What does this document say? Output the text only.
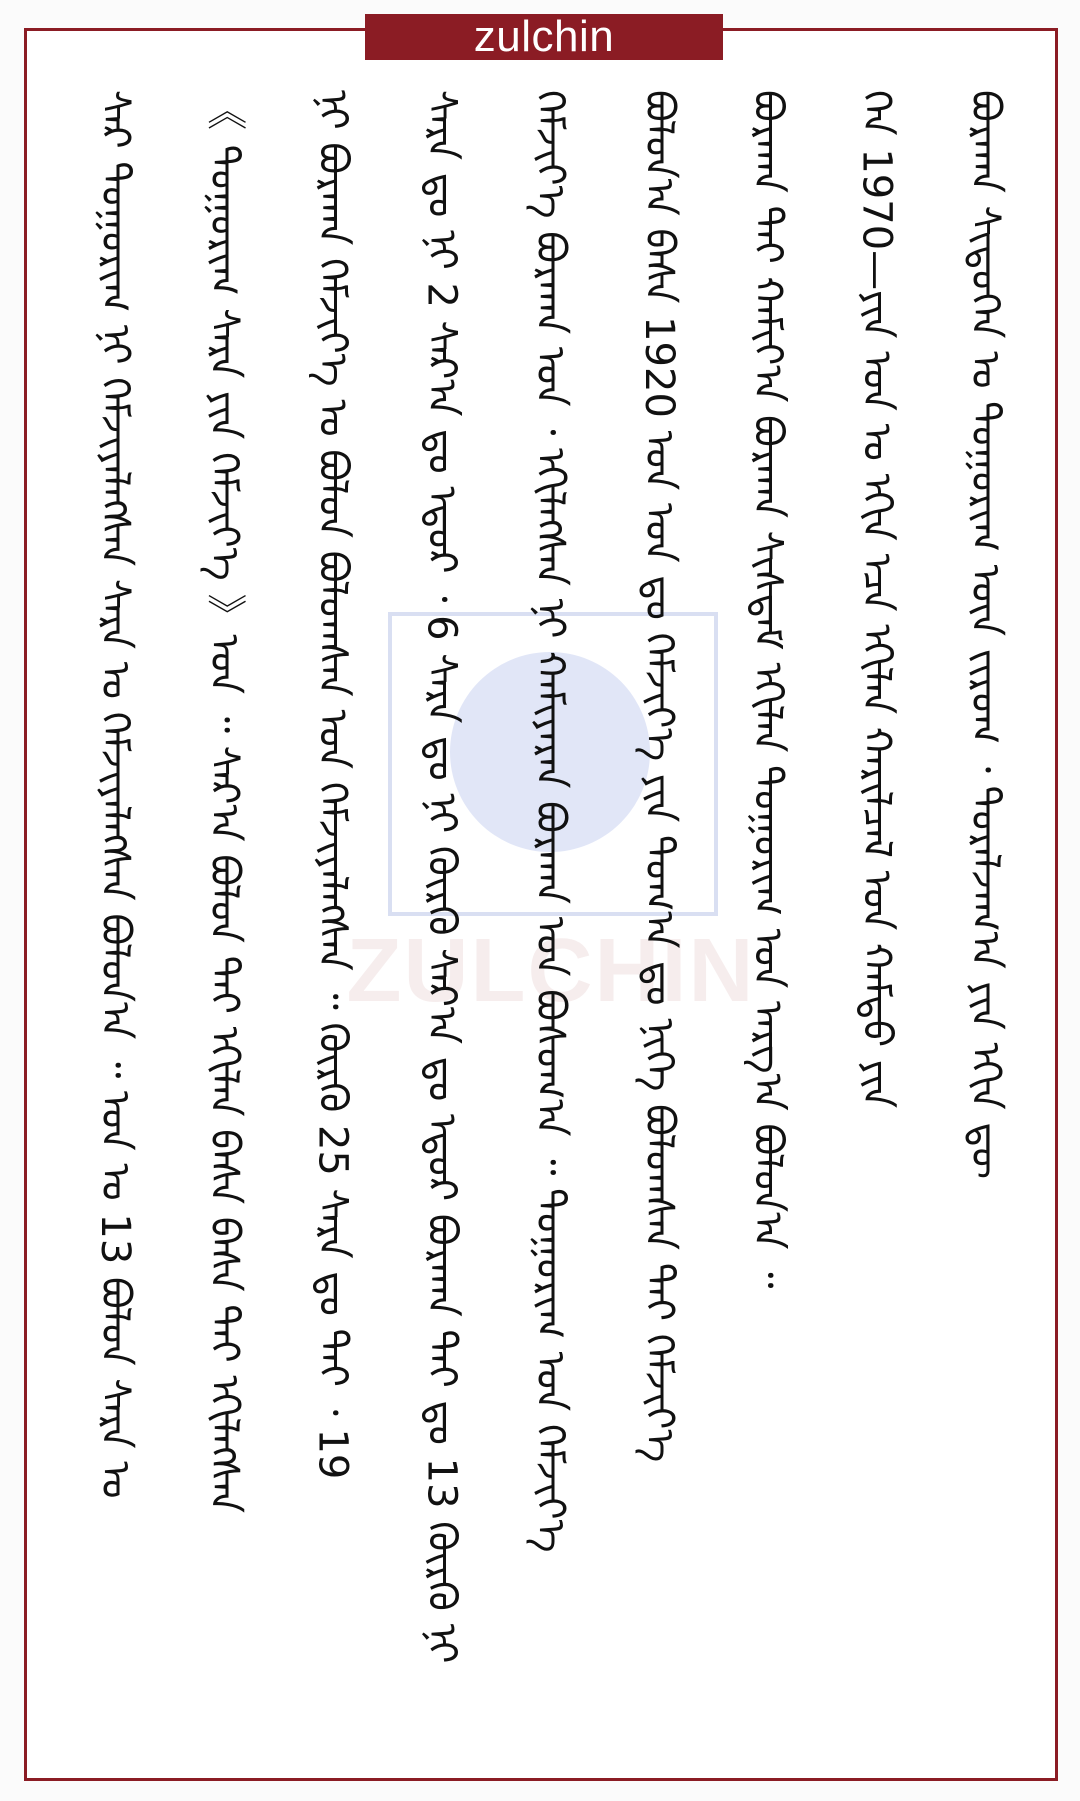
zulchin
ᠪᠤᠷᠬᠠᠨ ᠰᠢᠲᠦᠭᠡᠨ ᠤ ᠲᠤᠭᠤᠷᠢᠭ ᠦᠨ ᠵᠢᠷᠤᠭ ᠂ ᠲᠤᠷᠠᠯᠵᠠᠭ᠎ᠠ ᠶᠢᠨ ᠡᠬᠢᠨ ᠳᠦ
ᠬᠡᠨ 1970—ᠶᠢᠨ ᠣᠨ ᠤ ᠡᠬᠢᠨ ᠡᠴᠡ ᠡᠬᠢᠯᠡᠨ ᠬᠠᠷᠢᠯᠴᠠᠯ ᠤᠨ ᠬᠠᠮᠲᠤ ᠶᠢᠨ
ᠪᠤᠷᠬᠠᠨ ᠲᠠᠢ ᠬᠠᠮᠢᠶ᠎ᠠ ᠪᠤᠷᠬᠠᠨ ᠰᠢᠰᠲᠡᠮ ᠡᠬᠢᠯᠡᠨ ᠲᠤᠭᠤᠷᠢᠭ ᠤᠨ ᠠᠷᠭ᠎ᠠ ᠪᠤᠯᠤᠨ᠎ᠠ ᠃
ᠪᠤᠯᠤᠨ᠎ᠠ ᠪᠠᠰᠠ 1920 ᠤᠨ ᠣᠨ ᠳᠤ ᠬᠡᠮᠵᠢᠶ᠎ᠡ ᠶᠢᠨ ᠲᠣᠭ᠎ᠠ ᠳᠤ ᠨᠢᠭᠡ ᠪᠤᠯᠤᠭᠰᠠᠨ ᠲᠠᠢ ᠬᠡᠮᠵᠢᠶ᠎ᠡ
ᠬᠡᠮᠵᠢᠶ᠎ᠡ ᠪᠤᠷᠬᠠᠨ ᠤᠨ ᠂ ᠡᠬᠢᠯᠡᠭᠰᠡᠨ ᠨᠢ ᠬᠠᠮᠢᠶᠠᠷᠠᠨ ᠪᠤᠷᠬᠠᠨ ᠤᠨ ᠪᠤᠰᠤᠭ᠎ᠠ ᠃ ᠲᠤᠭᠤᠷᠢᠭ ᠤᠨ ᠬᠡᠮᠵᠢᠶ᠎ᠡ
ᠰᠠᠷᠠ ᠳᠤ ᠨᠢ 2 ᠰᠠᠷ᠎ᠠ ᠳᠤ ᠡᠳᠦᠷ ᠂ 6 ᠰᠠᠷᠠ ᠳᠤ ᠨᠢ ᠬᠦᠷᠬᠦ ᠰᠠᠷ᠎ᠠ ᠳᠤ ᠡᠳᠦᠷ ᠪᠤᠷᠬᠠᠨ ᠲᠠᠢ ᠳᠤ 13 ᠬᠦᠷᠬᠦ ᠨᠢ
ᠨᠢ ᠪᠤᠷᠬᠠᠨ ᠬᠡᠮᠵᠢᠶ᠎ᠡ ᠤ ᠪᠤᠯᠤᠨ ᠪᠤᠯᠤᠭᠰᠠᠨ ᠤᠨ ᠬᠡᠮᠵᠢᠶᠡᠯᠡᠭᠰᠡᠨ ᠃ ᠬᠦᠷᠬᠦ 25 ᠰᠠᠷᠠ ᠳᠤ ᠲᠠᠢ ᠂ 19
《 ᠲᠤᠭᠤᠷᠢᠭ ᠰᠠᠷᠠ ᠶᠢᠨ ᠬᠡᠮᠵᠢᠶ᠎ᠡ 》ᠤᠨ ᠃ ᠰᠠᠷ᠎ᠠ ᠪᠤᠯᠤᠨ ᠲᠠᠢ ᠡᠬᠢᠯᠡᠨ ᠪᠠᠰᠠ ᠪᠠᠰᠠ ᠲᠠᠢ ᠡᠬᠢᠯᠡᠭᠰᠡᠨ
ᠰᠠᠷ ᠲᠤᠭᠤᠷᠢᠭ ᠨᠢ ᠬᠡᠮᠵᠢᠶᠡᠯᠡᠭᠰᠡᠨ ᠰᠠᠷᠠ ᠤ ᠬᠡᠮᠵᠢᠶᠡᠯᠡᠭᠰᠡᠨ ᠪᠤᠯᠤᠨ᠎ᠠ ᠃ ᠣᠨ ᠤ 13 ᠪᠤᠯᠤᠨ ᠰᠠᠷᠠ ᠤ
